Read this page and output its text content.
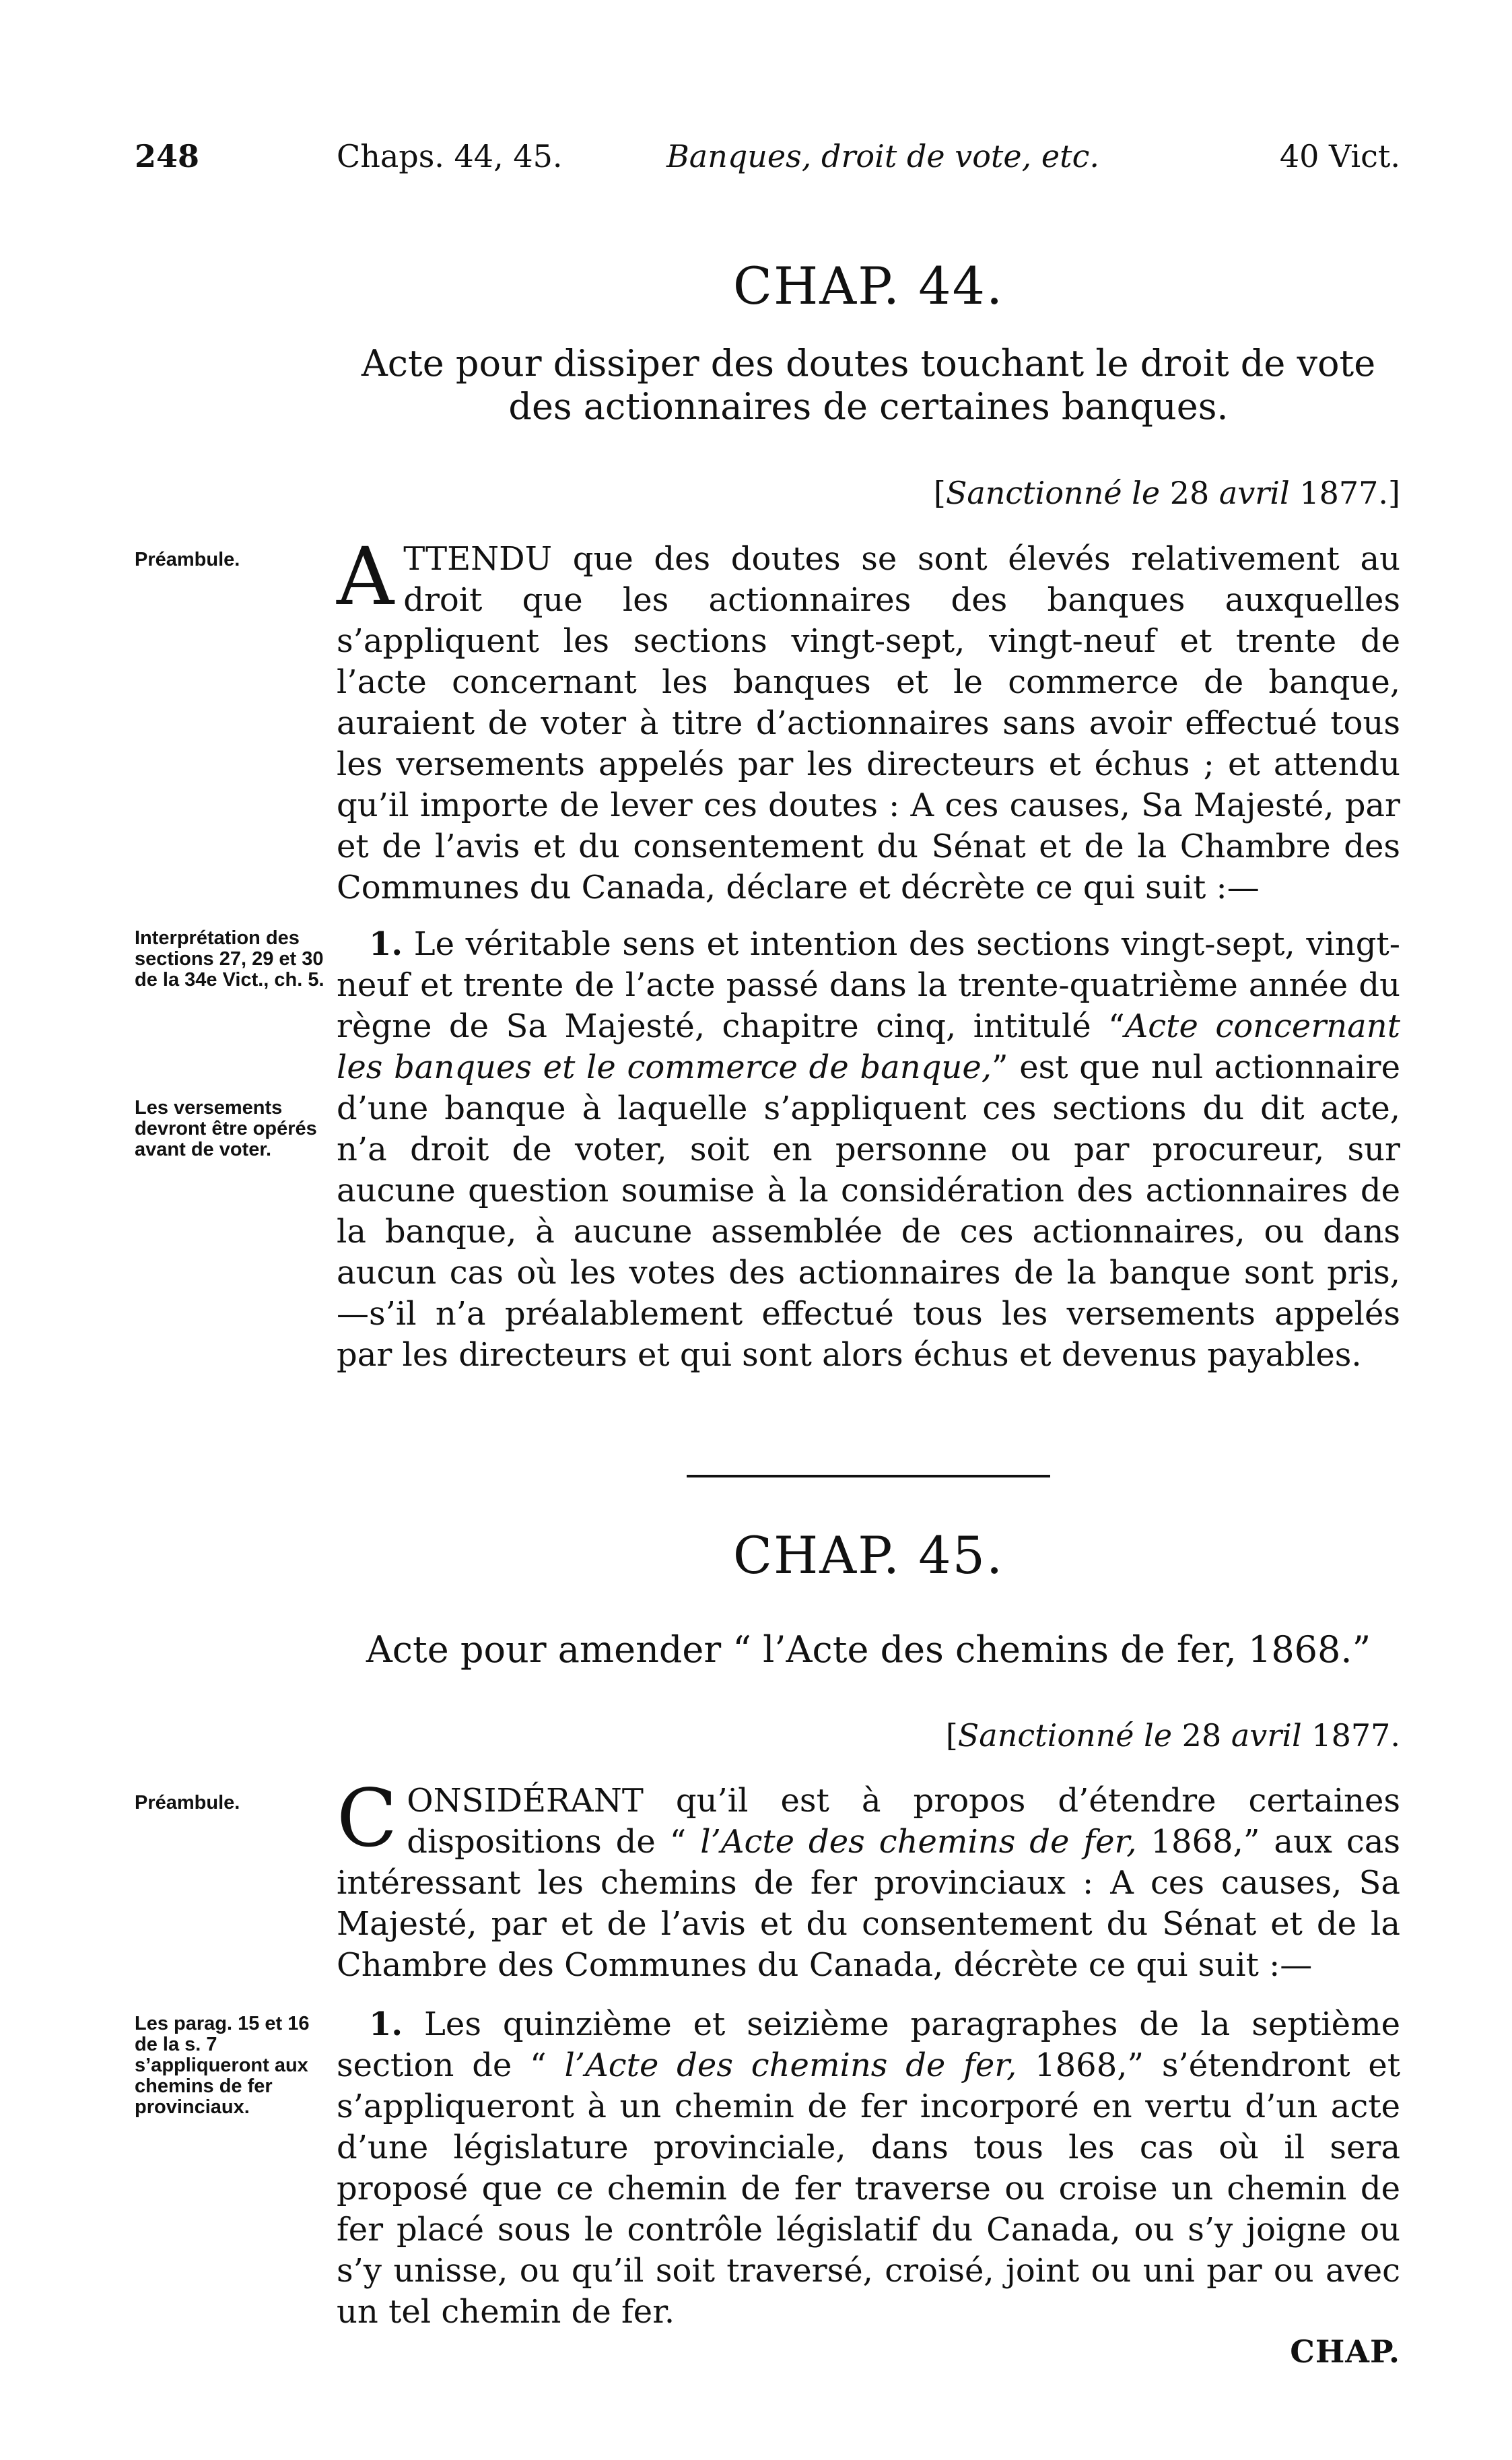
248	Chaps. 44, 45.	Banques, droit de vote, etc.	40 Vict.
CHAP. 44.
Acte pour dissiper des doutes touchant le droit de vote des actionnaires de certaines banques.
[Sanctionné le 28 avril 1877.]
Préambule.	ATTENDU que des doutes se sont élevés relativement au droit que les actionnaires des banques auxquelles s’appliquent les sections vingt-sept, vingt-neuf et trente de l’acte concernant les banques et le commerce de banque, auraient de voter à titre d’actionnaires sans avoir effectué tous les versements appelés par les directeurs et échus ; et attendu qu’il importe de lever ces doutes : A ces causes, Sa Majesté, par et de l’avis et du consentement du Sénat et de la Chambre des Communes du Canada, déclare et décrète ce qui suit :—
Interprétation des sections 27, 29 et 30 de la 34e Vict., ch. 5.
Les versements devront être opérés avant de voter.
 1. Le véritable sens et intention des sections vingt-sept, vingt-neuf et trente de l’acte passé dans la trente-quatrième année du règne de Sa Majesté, chapitre cinq, intitulé “Acte concernant les banques et le commerce de banque,” est que nul actionnaire d’une banque à laquelle s’appliquent ces sections du dit acte, n’a droit de voter, soit en personne ou par procureur, sur aucune question soumise à la considération des actionnaires de la banque, à aucune assemblée de ces actionnaires, ou dans aucun cas où les votes des actionnaires de la banque sont pris,—s’il n’a préalablement effectué tous les versements appelés par les directeurs et qui sont alors échus et devenus payables.
CHAP. 45.
Acte pour amender “ l’Acte des chemins de fer, 1868.”
[Sanctionné le 28 avril 1877.
Préambule.	CONSIDÉRANT qu’il est à propos d’étendre certaines dispositions de “ l’Acte des chemins de fer, 1868,” aux cas intéressant les chemins de fer provinciaux : A ces causes, Sa Majesté, par et de l’avis et du consentement du Sénat et de la Chambre des Communes du Canada, décrète ce qui suit :—
Les parag. 15 et 16 de la s. 7 s’appliqueront aux chemins de fer provinciaux.
 1. Les quinzième et seizième paragraphes de la septième section de “ l’Acte des chemins de fer, 1868,” s’étendront et s’appliqueront à un chemin de fer incorporé en vertu d’un acte d’une législature provinciale, dans tous les cas où il sera proposé que ce chemin de fer traverse ou croise un chemin de fer placé sous le contrôle législatif du Canada, ou s’y joigne ou s’y unisse, ou qu’il soit traversé, croisé, joint ou uni par ou avec un tel chemin de fer.
CHAP.
